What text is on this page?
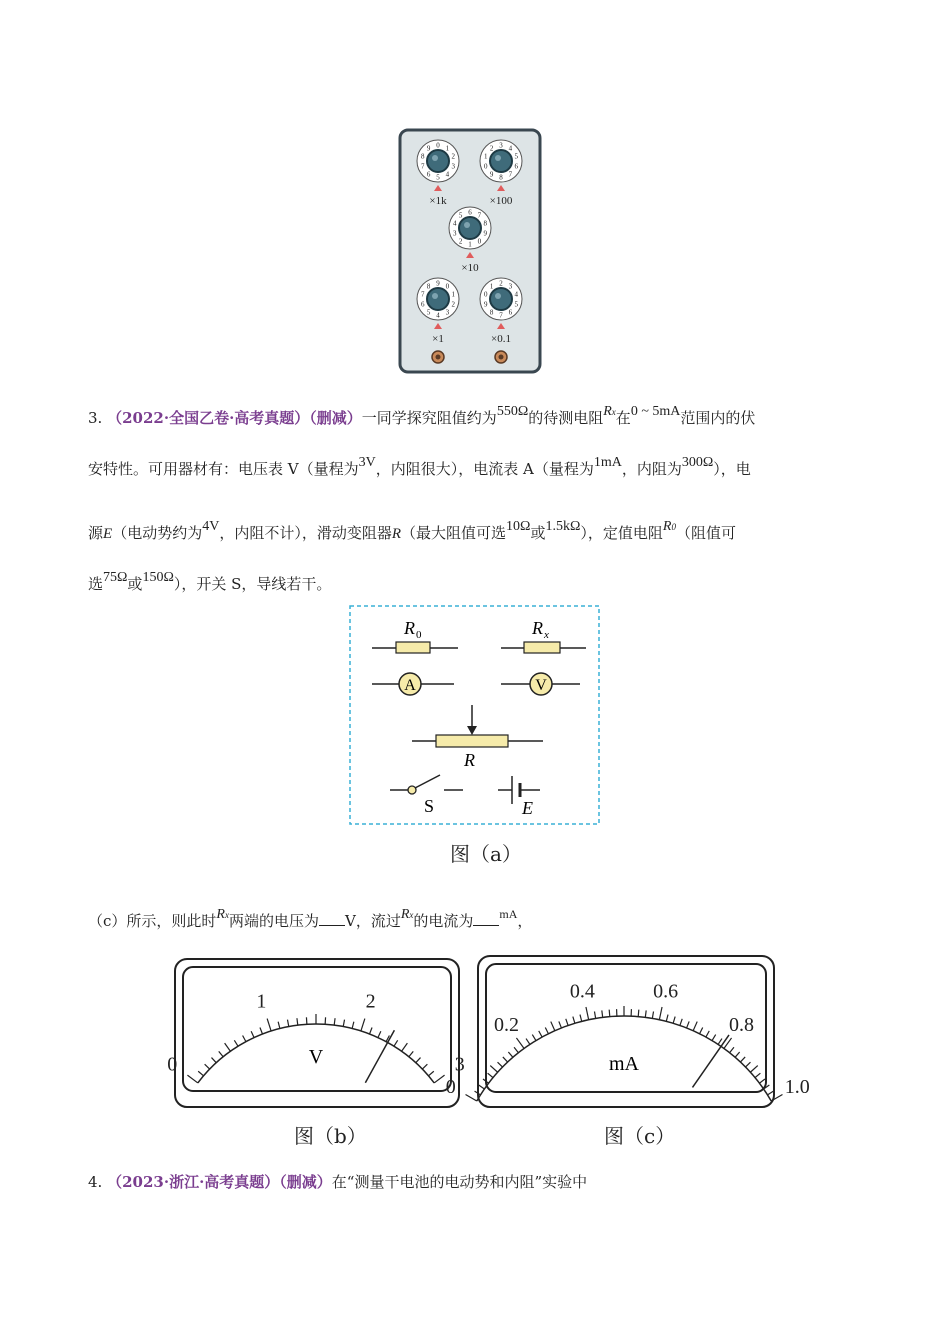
0 1
2
3
4
5
6
7
8
9
×1k
3 4
5
6
7
8
9
0
1
2
×100
6 7
8
9
0
1
2
3
4
5
×10
9 0
1
2
3
4
5
6
7
8
×1
2 3
4
5
6
7
8
9
0
1
×0.1
3. （2022·全国乙卷·高考真题）（删减）一同学探究阻值约为550Ω的待测电阻Rx在0 ~ 5mA范围内的伏
安特性。可用器材有：电压表 V（量程为3V，内阻很大），电流表 A（量程为1mA，内阻为300Ω），电
源E（电动势约为4V，内阻不计），滑动变阻器R（最大阻值可选10Ω或1.5kΩ），定值电阻R0（阻值可
选75Ω或150Ω），开关 S，导线若干。
R 0	R x
A	V
R
S	E
图（a）
（c）所示，则此时Rx两端的电压为 V，流过Rx的电流为 $^{mA}$，
0
1	2
3
V
0
0.2
0.4	0.6
0.8
1.0
mA
图（b）	图（c）
4. （2023·浙江·高考真题）（删减）在“测量干电池的电动势和内阻”实验中
